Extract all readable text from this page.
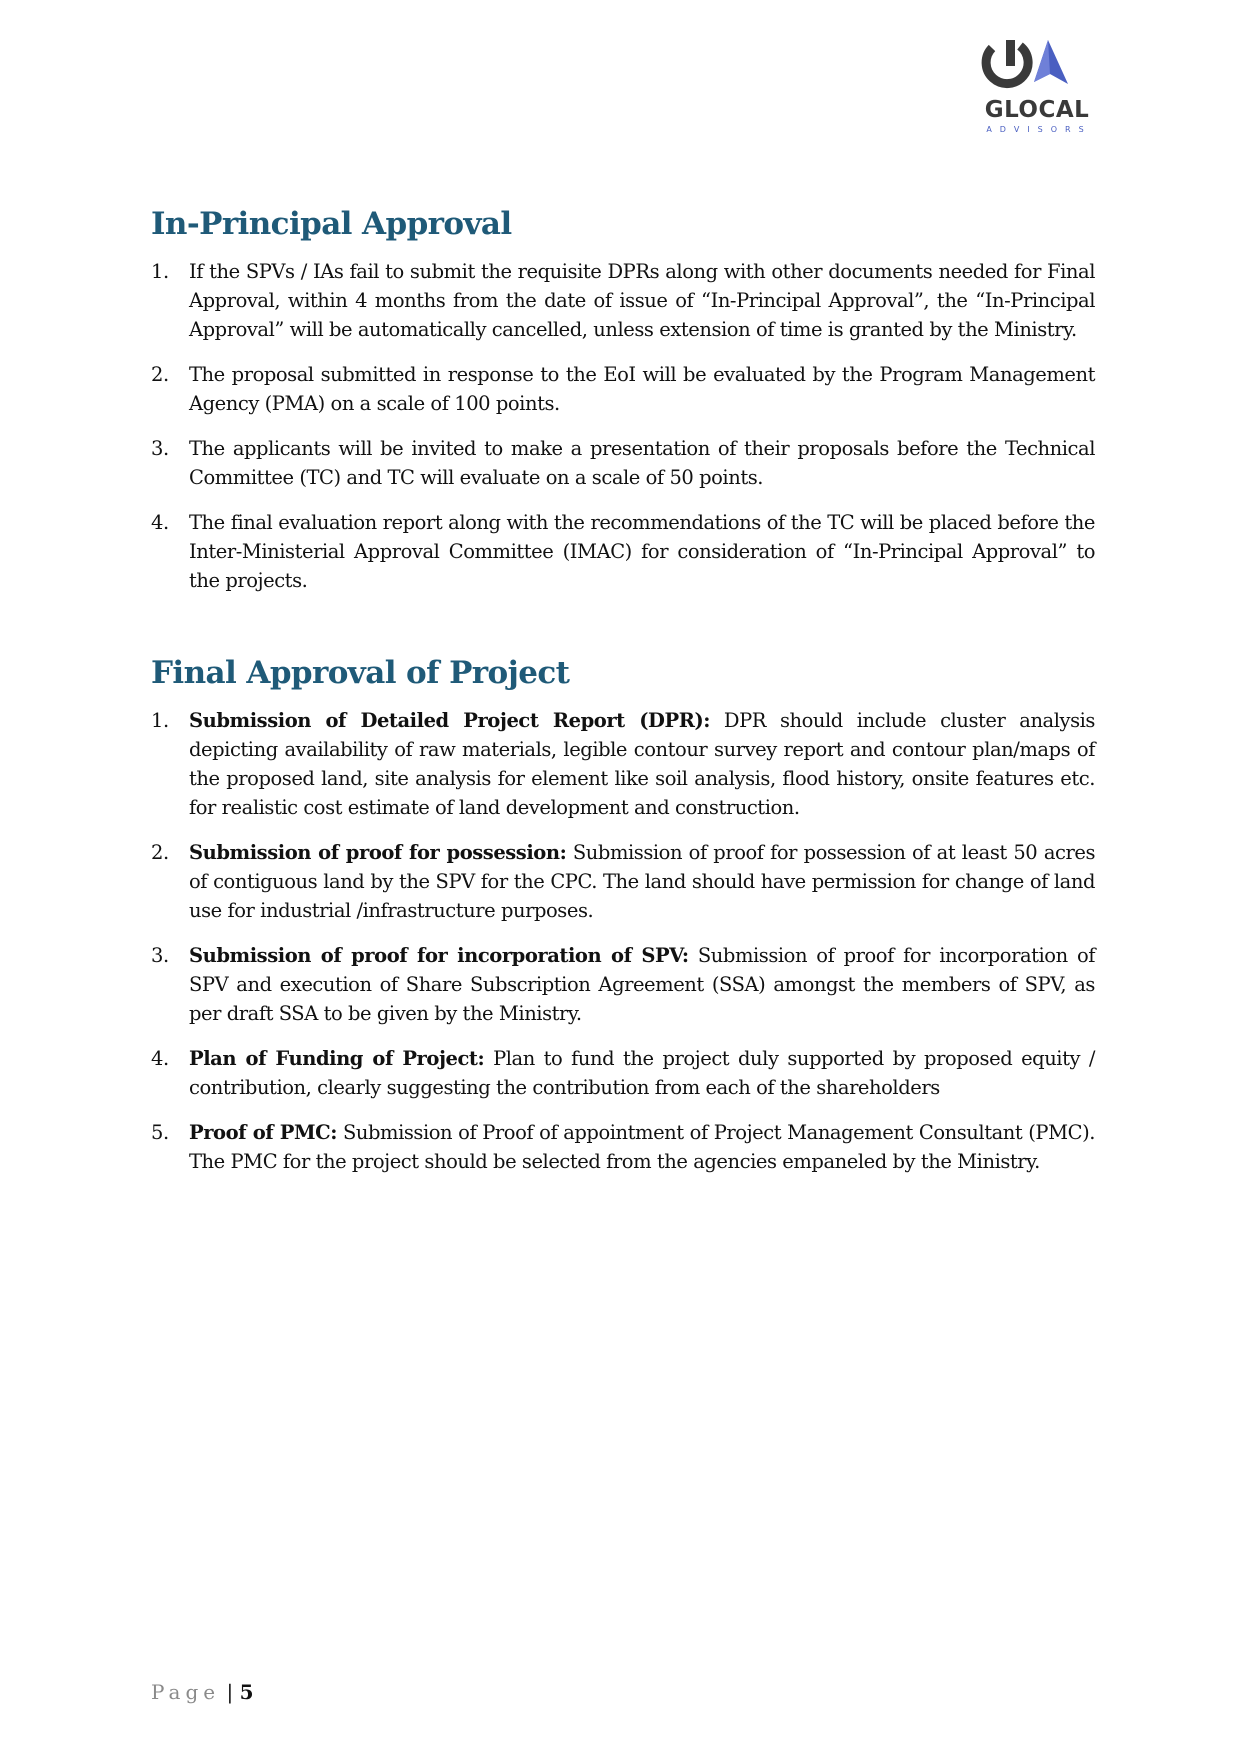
GLOCAL
ADVISORS
In-Principal Approval
1. If the SPVs / IAs fail to submit the requisite DPRs along with other documents needed for Final Approval, within 4 months from the date of issue of “In-Principal Approval”, the “In-Principal Approval” will be automatically cancelled, unless extension of time is granted by the Ministry.
2. The proposal submitted in response to the EoI will be evaluated by the Program Management Agency (PMA) on a scale of 100 points.
3. The applicants will be invited to make a presentation of their proposals before the Technical Committee (TC) and TC will evaluate on a scale of 50 points.
4. The final evaluation report along with the recommendations of the TC will be placed before the Inter-Ministerial Approval Committee (IMAC) for consideration of “In-Principal Approval” to the projects.
Final Approval of Project
1. Submission of Detailed Project Report (DPR): DPR should include cluster analysis depicting availability of raw materials, legible contour survey report and contour plan/maps of the proposed land, site analysis for element like soil analysis, flood history, onsite features etc. for realistic cost estimate of land development and construction.
2. Submission of proof for possession: Submission of proof for possession of at least 50 acres of contiguous land by the SPV for the CPC. The land should have permission for change of land use for industrial /infrastructure purposes.
3. Submission of proof for incorporation of SPV: Submission of proof for incorporation of SPV and execution of Share Subscription Agreement (SSA) amongst the members of SPV, as per draft SSA to be given by the Ministry.
4. Plan of Funding of Project: Plan to fund the project duly supported by proposed equity / contribution, clearly suggesting the contribution from each of the shareholders
5. Proof of PMC: Submission of Proof of appointment of Project Management Consultant (PMC). The PMC for the project should be selected from the agencies empaneled by the Ministry.
Page | 5
